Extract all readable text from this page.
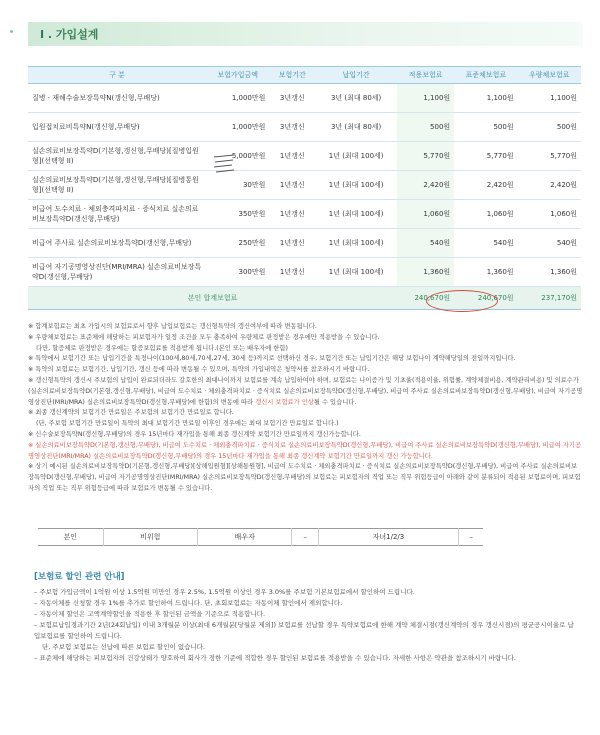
I . 가입설계
구 분	보험가입금액	보험기간	납입기간	적용보험료	표준체보험료	우량체보험료
질병 · 재해수술보장특약N(갱신형,무배당)	1,000만원	3년갱신	3년 (최대 80세)	1,100원	1,100원	1,100원
입원접치료비특약N(갱신형,무배당)	1,000만원	3년갱신	3년 (최대 80세)	500원	500원	500원
실손의료비보장특약D(기본형,갱신형,무배당)[질병입원형](선택형 II)	5,000만원	1년갱신	1년 (최대 100세)	5,770원	5,770원	5,770원
실손의료비보장특약D(기본형,갱신형,무배당)[질병통원형](선택형 II)	30만원	1년갱신	1년 (최대 100세)	2,420원	2,420원	2,420원
비급여 도수치료 · 체외충격파치료 · 증식치료 실손의료비보장특약D(갱신형,무배당)	350만원	1년갱신	1년 (최대 100세)	1,060원	1,060원	1,060원
비급여 주사료 실손의료비보장특약D(갱신형,무배당)	250만원	1년갱신	1년 (최대 100세)	540원	540원	540원
비급여 자기공명영상진단(MRI/MRA) 실손의료비보장특약D(갱신형,무배당)	300만원	1년갱신	1년 (최대 100세)	1,360원	1,360원	1,360원
본인 합계보험료				240,670원	240,670원	237,170원

※ 합계보험료는 최초 가입시의 보험료로서 향후 납입보험료는 갱신형특약의 갱신여부에 따라 변동됩니다.

※ 우량체보험료는 표준체에 해당하는 피보험자가 일정 조건을 모두 충족하여 우량체로 판정받은 경우에만 적용받을 수 있습니다.

다만, 할증체로 판정받은 경우에는 할증보험료를 적용받게 됩니다.(본인 또는 배우자에 한함)

※ 특약에서 보험기간 또는 납입기간을 특정나이(100세,80세,70세,27세, 30세 등)까지로 선택하신 경우, 보험기간 또는 납입기간은 해당 보험나이 계약해당일의 전일까지입니다.

※ 특약의 보험료는 보험기간, 납입기간, 갱신 등에 따라 변동될 수 있으며, 특약의 가입내역은 청약서를 참조하시기 바랍니다.

※ 갱신형특약의 갱신시 주보험의 납입이 완료되더라도 갈호한의 최대나이까지 보험료를 계속 납입하여야 하며, 보험료는 나이증가 및 기초율(적용이율, 위험률, 계약체결비용, 계약관리비용) 및 의료수가(실손의료비보장특약D(기본형,갱신형,무배당), 비급여 도수치료 · 체외충격파치료 · 증식치료 실손의료비보장특약D(갱신형,무배당), 비급여 주사료 실손의료비보장특약D(갱신형,무배당), 비급여 자기공명영상진단(MRI/MRA) 실손의료비보장특약D(갱신형,무배당)에 한함)의 변동에 따라 갱신시 보험료가 인상될 수 있습니다.

※ 최종 갱신계약의 보험기간 만료일은 주보험의 보험기간 만료일로 합니다.

(단, 주보험 보험기간 만료일이 특약의 최대 보험기간 만료일 이후인 경우에는 최대 보험기간 만료일로 합니다.)

※ 신수술보장특약N(갱신형,무배당)의 경우 15년마다 재가입을 통해 최종 갱신계약 보험기간 만료일까지 갱신가능합니다.

※ 실손의료비보장특약D(기본형,갱신형,무배당), 비급여 도수치료 · 체외충격파치료 · 증식치료 실손의료비보장특약D(갱신형,무배당), 비급여 주사료 실손의료비보장특약D(갱신형,무배당), 비급여 자기공명영상진단(MRI/MRA) 실손의료비보장특약D(갱신형,무배당)의 경우 15년마다 재가입을 통해 최종 갱신계약 보험기간 만료일까지 갱신 가능합니다.

※ 상기 예시된 실손의료비보장특약D(기본형,갱신형,무배당)[상해입원형][상해통원형], 비급여 도수치료 · 체외충격파치료 · 증식치료 실손의료비보장특약D(갱신형,무배당), 비급여 주사료 실손의료비보장특약D(갱신형,무배당), 비급여 자기공명영상진단(MRI/MRA) 실손의료비보장특약D(갱신형,무배당)의 보험료는 피보험자의 직업 또는 직무 위험등급이 아래와 같이 분류되어 적용된 보험료이며, 피보험자의 직업 또는 직무 위험등급에 따라 보험료가 변동될 수 있습니다.

본인	비위험	배우자	–	자녀1/2/3	–
[보험료 할인 관련 안내]

– 주보험 가입금액이 1억원 이상 1.5억원 미만인 경우 2.5%, 1.5억원 이상인 경우 3.0%를 주보험 기본보험료에서 할인하여 드립니다.

– 자동이체를 신청할 경우 1%를 추가로 할인하여 드립니다. 단, 초회보험료는 자동이체 할인에서 제외합니다.

– 자동이체 할인은 고액계약할인을 적용한 후 할인된 금액을 기준으로 적용합니다.

– 보험료납입경과기간 2년(24회납입) 이내 3개월분 이상(최대 6개월분[당월분 제외]) 보험료를 선납할 경우 특약보험료에 한해 계약 체결시점(갱신계약의 경우 갱신시점)의 평균공시이율로 납입보험료를 할인하여 드립니다.

단, 주보험 보험료는 선납에 따른 보험료 할인이 없습니다.

– 표준체에 해당하는 피보험자의 건강상태가 양호하여 회사가 정한 기준에 적합한 경우 할인된 보험료를 적용받을 수 있습니다. 자세한 사항은 약관을 참조하시기 바랍니다.
